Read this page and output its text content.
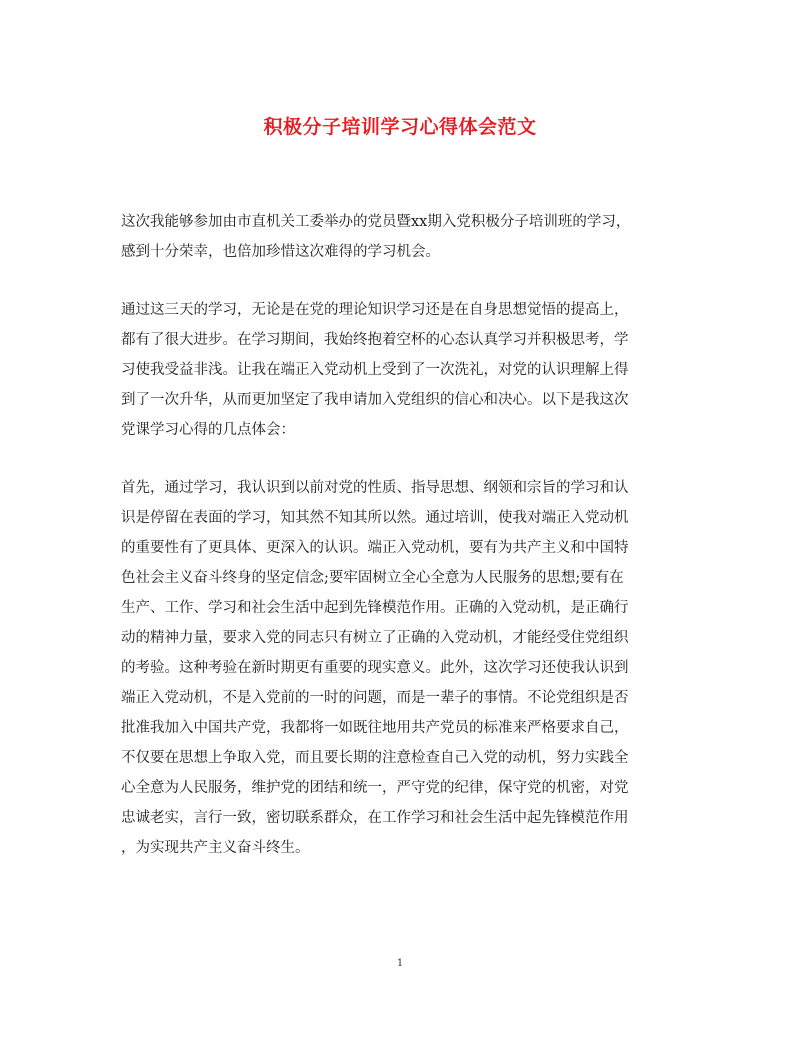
积极分子培训学习心得体会范文
这次我能够参加由市直机关工委举办的党员暨xx期入党积极分子培训班的学习，
感到十分荣幸，也倍加珍惜这次难得的学习机会。
通过这三天的学习，无论是在党的理论知识学习还是在自身思想觉悟的提高上，
都有了很大进步。在学习期间，我始终抱着空杯的心态认真学习并积极思考，学
习使我受益非浅。让我在端正入党动机上受到了一次洗礼，对党的认识理解上得
到了一次升华，从而更加坚定了我申请加入党组织的信心和决心。以下是我这次
党课学习心得的几点体会：
首先，通过学习，我认识到以前对党的性质、指导思想、纲领和宗旨的学习和认
识是停留在表面的学习，知其然不知其所以然。通过培训，使我对端正入党动机
的重要性有了更具体、更深入的认识。端正入党动机，要有为共产主义和中国特
色社会主义奋斗终身的坚定信念;要牢固树立全心全意为人民服务的思想;要有在
生产、工作、学习和社会生活中起到先锋模范作用。正确的入党动机，是正确行
动的精神力量，要求入党的同志只有树立了正确的入党动机，才能经受住党组织
的考验。这种考验在新时期更有重要的现实意义。此外，这次学习还使我认识到
端正入党动机，不是入党前的一时的问题，而是一辈子的事情。不论党组织是否
批准我加入中国共产党，我都将一如既往地用共产党员的标准来严格要求自己，
不仅要在思想上争取入党，而且要长期的注意检查自己入党的动机，努力实践全
心全意为人民服务，维护党的团结和统一，严守党的纪律，保守党的机密，对党
忠诚老实，言行一致，密切联系群众，在工作学习和社会生活中起先锋模范作用
，为实现共产主义奋斗终生。
1
